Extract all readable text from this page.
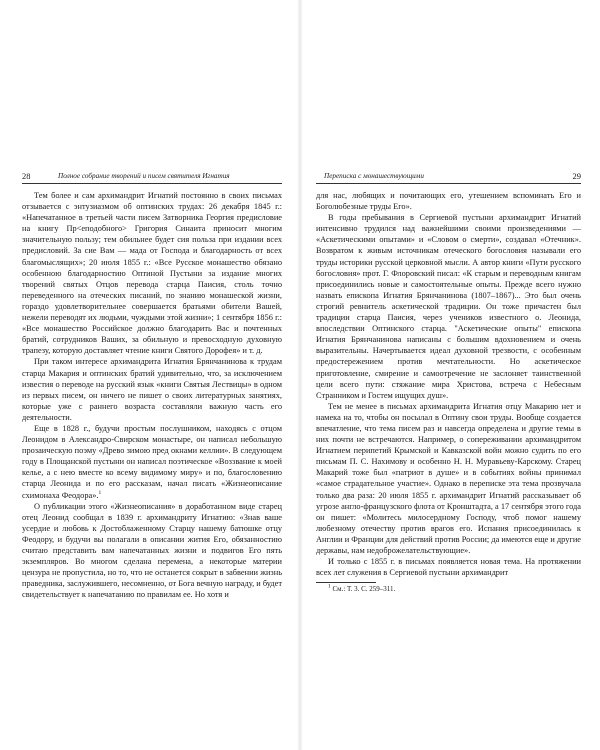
28	Полное собрание творений и писем святителя Игнатия

Тем более и сам архимандрит Игнатий постоянно в своих письмах отзывается с энтузиазмом об оптинских трудах: 26 декабря 1845 г.: «Напечатанное в третьей части писем Затворника Георгия предисловие на книгу Пр<еподобного> Григория Синаита приносит многим значительную пользу; тем обильнее будет сия польза при издании всех предисловий. За сие Вам — мада от Господа и благодарность от всех благомыслящих»; 20 июля 1855 г.: «Все Русское монашество обязано особенною благодарностию Оптиной Пустыни за издание многих творений святых Отцов перевода старца Паисия, столь точно переведенного на отеческих писаний, по знанию монашеской жизни, гораздо удовлетворительнее совершается братьями обители Вашей, нежели переводят их людьми, чуждыми этой жизни»; 1 сентября 1856 г.: «Все монашество Российское должно благодарить Вас и почтенных братий, сотрудников Ваших, за обильную и превосходную духовную трапезу, которую доставляет чтение книги Святого Дорофея» и т. д.

При таком интересе архимандрита Игнатия Брянчанинова к трудам старца Макария и оптинских братий удивительно, что, за исключением известия о переводе на русский язык «книги Святыя Лествицы» в одном из первых писем, он ничего не пишет о своих литературных занятиях, которые уже с раннего возраста составляли важную часть его деятельности.

Еще в 1828 г., будучи простым послушником, находясь с отцом Леонидом в Александро-Свирском монастыре, он написал небольшую прозаическую поэму «Древо зимою пред окнами келлии». В следующем году в Площанской пустыни он написал поэтическое «Воззвание к моей келье, а с нею вместе ко всему видимому миру» и по, благословению старца Леонида и по его рассказам, начал писать «Жизнеописание схимонаха Феодора».$^1$

О публикации этого «Жизнеописания» в доработанном виде старец отец Леонид сообщал в 1839 г. архимандриту Игнатию: «Знав ваше усердие и любовь к Достоблаженному Старцу нашему батюшке отцу Феодору, и будучи вы полагали в описании жития Его, обязанностию считаю представить вам напечатанных жизни и подвигов Его пять экземпляров. Во многом сделана перемена, а некоторые материи цензура не пропустила, но то, что не останется сокрыт в забвении жизнь праведника, заслужившего, несомненно, от Бога вечную награду, и будет свидетельствует к напечатанию по правилам ее. Но хотя и

Переписка с монашествующими	29

для нас, любящих и почитающих его, утешением вспоминать Его и Боголюбезные труды Его».

В годы пребывания в Сергиевой пустыни архимандрит Игнатий интенсивно трудился над важнейшими своими произведениями — «Аскетическими опытами» и «Словом о смерти», создавал «Отечник». Возвратом к живым источникам отеческого богословия называли его труды историки русской церковной мысли. А автор книги «Пути русского богословия» прот. Г. Флоровский писал: «К старым и переводным книгам присоединились новые и самостоятельные опыты. Прежде всего нужно назвать епископа Игнатия Брянчанинова (1807–1867)... Это был очень строгий ревнитель аскетической традиции. Он тоже причастен был традиции старца Паисия, через учеников известного о. Леонида, впоследствии Оптинского старца. "Аскетические опыты" епископа Игнатия Брянчанинова написаны с большим вдохновением и очень выразительны. Начертывается идеал духовной трезвости, с особенным предостережением против мечтательности. Но аскетическое приготовление, смирение и самоотречение не заслоняет таинственной цели всего пути: стяжание мира Христова, встреча с Небесным Странником и Гостем ищущих душ».

Тем не менее в письмах архимандрита Игнатия отцу Макарию нет и намека на то, чтобы он посылал в Оптину свои труды. Вообще создается впечатление, что тема писем раз и навсегда определена и другие темы в них почти не встречаются. Например, о сопереживании архимандритом Игнатием перипетий Крымской и Кавказской войн можно судить по его письмам П. С. Нахимову и особенно Н. Н. Муравьеву-Карскому. Старец Макарий тоже был «патриот в душе» и в событиях войны принимал «самое страдательное участие». Однако в переписке эта тема прозвучала только два раза: 20 июля 1855 г. архимандрит Игнатий рассказывает об угрозе англо-французского флота от Кронштадта, а 17 сентября этого года он пишет: «Молитесь милосердному Господу, чтоб помог нашему любезному отечеству против врагов его. Испания присоединилась к Англии и Франции для действий против России; да имеются еще и другие державы, нам недоброжелательствующие».

И только с 1855 г. в письмах появляется новая тема. На протяжении всех лет служения в Сергиевой пустыни архимандрит

$^1$ См.: Т. 3. С. 259–311.
